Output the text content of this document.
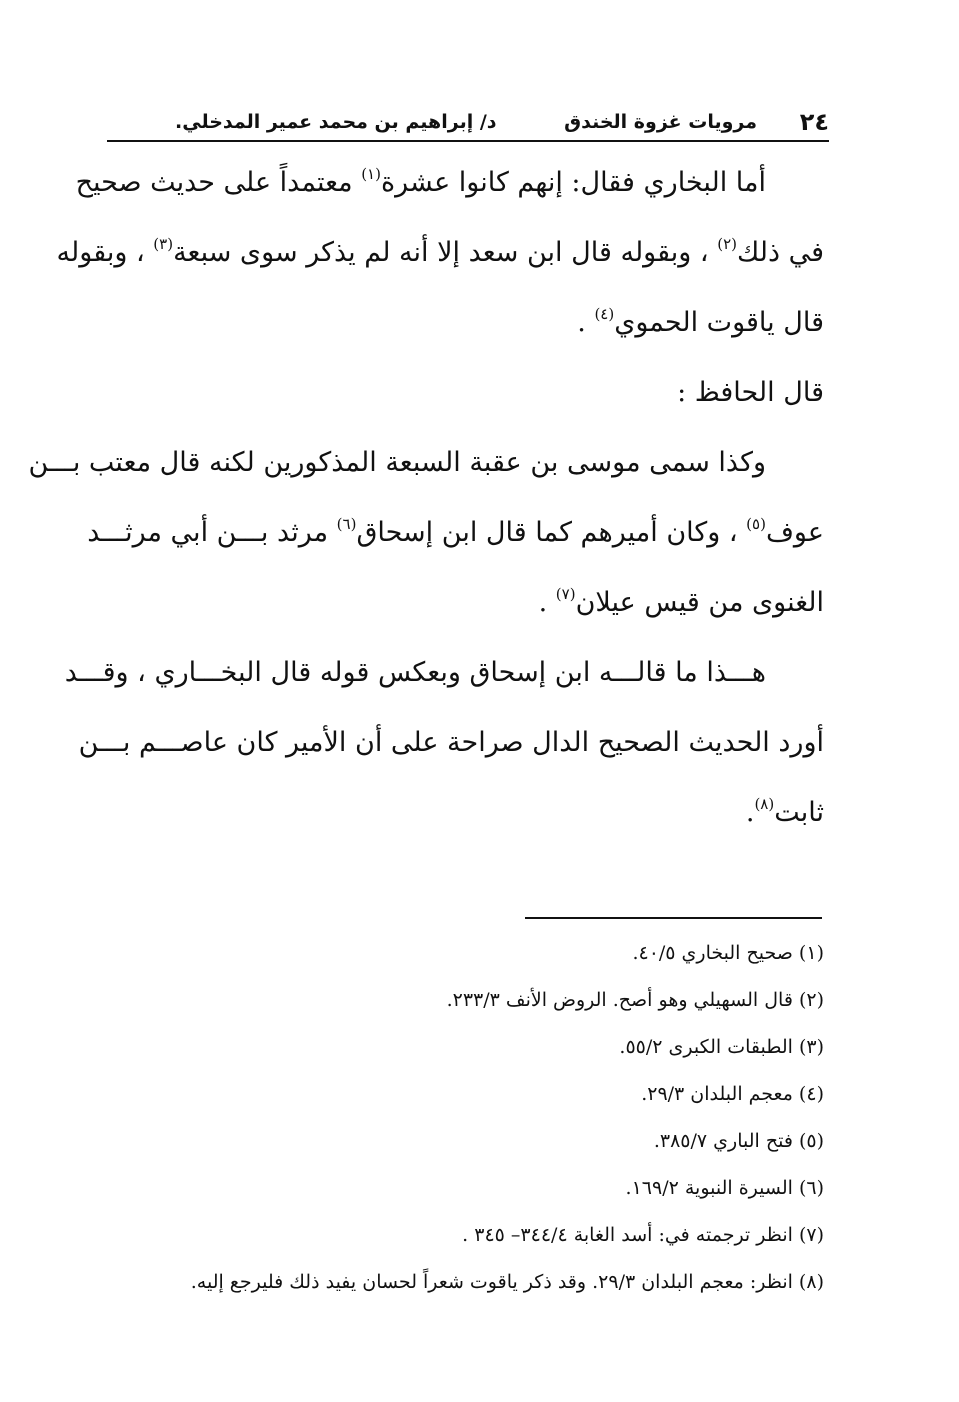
٢٤
مرويات غزوة الخندق
د/ إبراهيم بن محمد عمير المدخلي.
أما البخاري فقال: إنهم كانوا عشرة$^{(١)}$ معتمداً على حديث صحيح
في ذلك$^{(٢)}$ ، وبقوله قال ابن سعد إلا أنه لم يذكر سوى سبعة$^{(٣)}$ ، وبقوله
قال ياقوت الحموي$^{(٤)}$ .
قال الحافظ :
وكذا سمى موسى بن عقبة السبعة المذكورين لكنه قال معتب بـــن
عوف$^{(٥)}$ ، وكان أميرهم كما قال ابن إسحاق$^{(٦)}$ مرثد بـــن أبي مرثـــد
الغنوى من قيس عيلان$^{(٧)}$ .
هـــذا ما قالـــه ابن إسحاق وبعكس قوله قال البخـــاري ، وقـــد
أورد الحديث الصحيح الدال صراحة على أن الأمير كان عاصـــم بـــن
ثابت$^{(٨)}$.
(١) صحيح البخاري ٤٠/٥.
(٢) قال السهيلي وهو أصح. الروض الأنف ٢٣٣/٣.
(٣) الطبقات الكبرى ٥٥/٢.
(٤) معجم البلدان ٢٩/٣.
(٥) فتح الباري ٣٨٥/٧.
(٦) السيرة النبوية ١٦٩/٢.
(٧) انظر ترجمته في: أسد الغابة ٣٤٤/٤– ٣٤٥ .
(٨) انظر: معجم البلدان ٢٩/٣. وقد ذكر ياقوت شعراً لحسان يفيد ذلك فليرجع إليه.
